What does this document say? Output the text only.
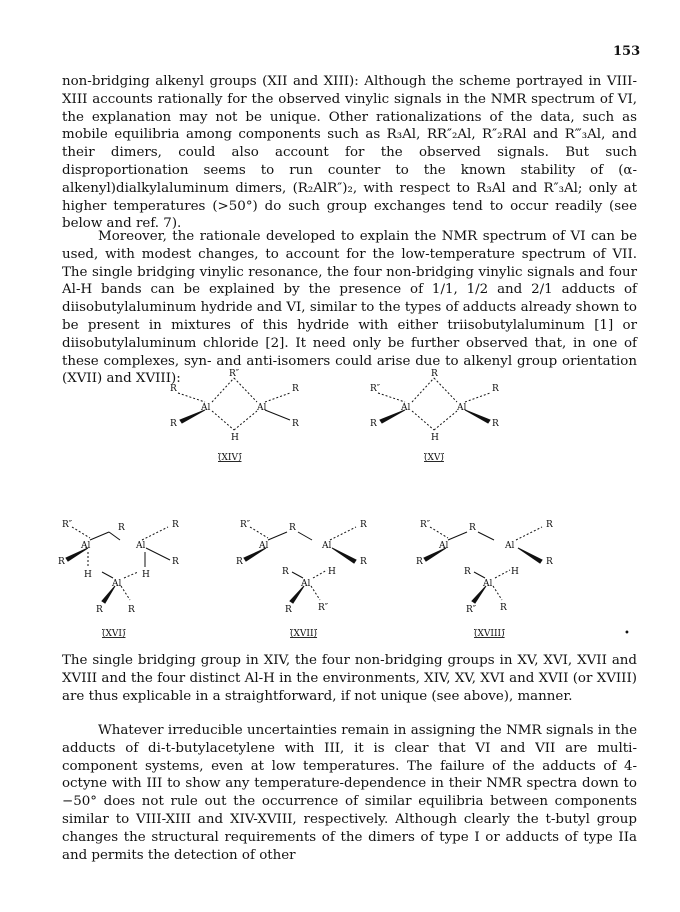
153

non-bridging alkenyl groups (XII and XIII): Although the scheme portrayed in VIII-XIII accounts rationally for the observed vinylic signals in the NMR spectrum of VI, the explanation may not be unique. Other rationalizations of the data, such as mobile equilibria among components such as R₃Al, RR″₂Al, R″₂RAl and R‴₃Al, and their dimers, could also account for the observed signals. But such disproportionation seems to run counter to the known stability of (α-alkenyl)dialkylaluminum dimers, (R₂AlR″)₂, with respect to R₃Al and R″₃Al; only at higher temperatures (>50°) do such group exchanges tend to occur readily (see below and ref. 7).

Moreover, the rationale developed to explain the NMR spectrum of VI can be used, with modest changes, to account for the low-temperature spectrum of VII. The single bridging vinylic resonance, the four non-bridging vinylic signals and four Al-H bands can be explained by the presence of 1/1, 1/2 and 2/1 adducts of diisobutylaluminum hydride and VI, similar to the types of adducts already shown to be present in mixtures of this hydride with either triisobutylaluminum [1] or diisobutylaluminum chloride [2]. It need only be further observed that, in one of these complexes, syn- and anti-isomers could arise due to alkenyl group orientation (XVII) and XVIII):

R
R″
R
Al	Al
R
H
R
(XIV)
R″
R
R
Al	Al
R
H
R
(XV)
R″	R	R
Al	Al
R
H	H
R
Al
R	R
(XVI)
R″	R	R
Al	Al
R
R	H
R
Al
R	R″
(XVII)
R″	R	R
Al	Al
R
R	H
R
Al
R″	R
(XVIII)	•

The single bridging group in XIV, the four non-bridging groups in XV, XVI, XVII and XVIII and the four distinct Al-H in the environments, XIV, XV, XVI and XVII (or XVIII) are thus explicable in a straightforward, if not unique (see above), manner.

Whatever irreducible uncertainties remain in assigning the NMR signals in the adducts of di-t-butylacetylene with III, it is clear that VI and VII are multi-component systems, even at low temperatures. The failure of the adducts of 4-octyne with III to show any temperature-dependence in their NMR spectra down to −50° does not rule out the occurrence of similar equilibria between components similar to VIII-XIII and XIV-XVIII, respectively. Although clearly the t-butyl group changes the structural requirements of the dimers of type I or adducts of type IIa and permits the detection of other
